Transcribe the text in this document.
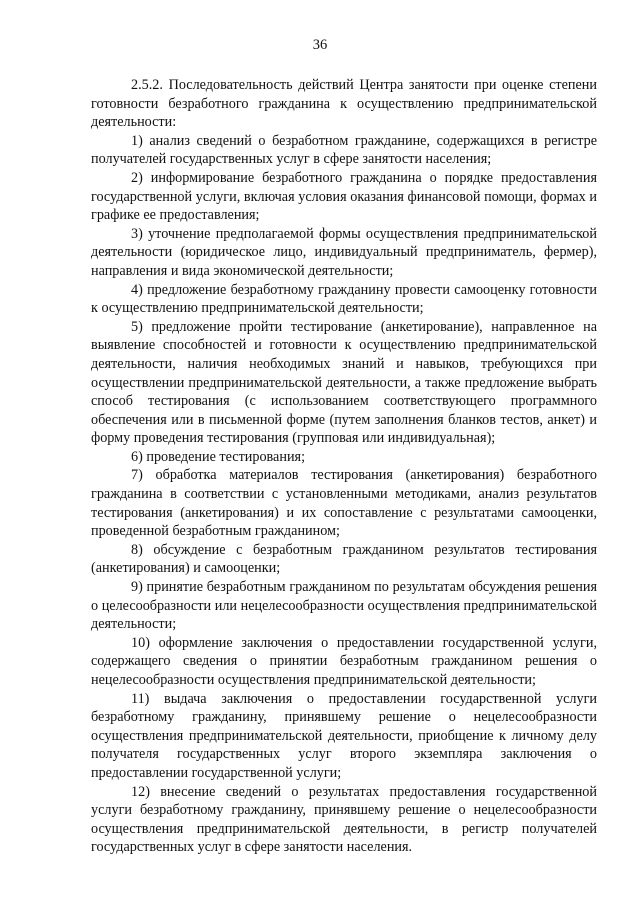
36

2.5.2. Последовательность действий Центра занятости при оценке степени готовности безработного гражданина к осуществлению предпринимательской деятельности:

1) анализ сведений о безработном гражданине, содержащихся в регистре получателей государственных услуг в сфере занятости населения;

2) информирование безработного гражданина о порядке предоставления государственной услуги, включая условия оказания финансовой помощи, формах и графике ее предоставления;

3) уточнение предполагаемой формы осуществления предпринимательской деятельности (юридическое лицо, индивидуальный предприниматель, фермер), направления и вида экономической деятельности;

4) предложение безработному гражданину провести самооценку готовности к осуществлению предпринимательской деятельности;

5) предложение пройти тестирование (анкетирование), направленное на выявление способностей и готовности к осуществлению предпринимательской деятельности, наличия необходимых знаний и навыков, требующихся при осуществлении предпринимательской деятельности, а также предложение выбрать способ тестирования (с использованием соответствующего программного обеспечения или в письменной форме (путем заполнения бланков тестов, анкет) и форму проведения тестирования (групповая или индивидуальная);

6) проведение тестирования;

7) обработка материалов тестирования (анкетирования) безработного гражданина в соответствии с установленными методиками, анализ результатов тестирования (анкетирования) и их сопоставление с результатами самооценки, проведенной безработным гражданином;

8) обсуждение с безработным гражданином результатов тестирования (анкетирования) и самооценки;

9) принятие безработным гражданином по результатам обсуждения решения о целесообразности или нецелесообразности осуществления предпринимательской деятельности;

10) оформление заключения о предоставлении государственной услуги, содержащего сведения о принятии безработным гражданином решения о нецелесообразности осуществления предпринимательской деятельности;

11) выдача заключения о предоставлении государственной услуги безработному гражданину, принявшему решение о нецелесообразности осуществления предпринимательской деятельности, приобщение к личному делу получателя государственных услуг второго экземпляра заключения о предоставлении государственной услуги;

12) внесение сведений о результатах предоставления государственной услуги безработному гражданину, принявшему решение о нецелесообразности осуществления предпринимательской деятельности, в регистр получателей государственных услуг в сфере занятости населения.
